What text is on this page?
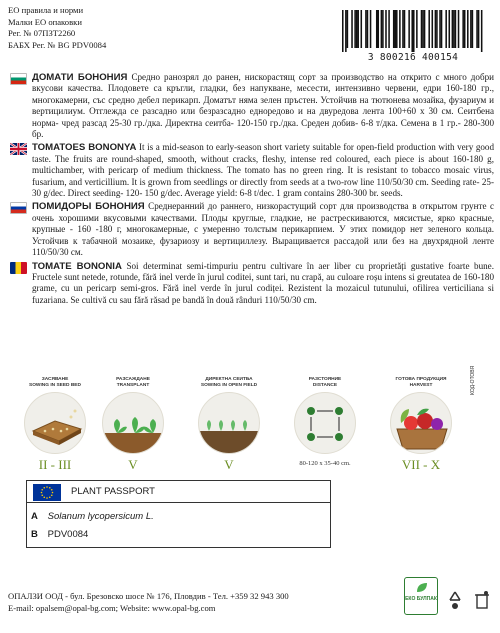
ЕО правила и норми
Малки ЕО опаковки
Рег. № 07ПЗТ2260
БАБХ Рег. № BG PDV0084
3 800216 400154
ДОМАТИ БОНОНИЯ Средно ранозрял до ранен, нискорастящ сорт за производство на открито с много добри вкусови качества. Плодовете са кръгли, гладки, без напукване, месести, интензивно червени, едри 160-180 гр., многокамерни, със средно дебел перикарп. Доматът няма зелен пръстен. Устойчив на тютюнева мозайка, фузариум и вертицилиум. Отглежда се разсадно или безразсадно еднoредово и на двуредова лента 100+60 x 30 см. Сеитбена норма- чред разсад 25-30 гр./дка. Директна сеитба- 120-150 гр./дка. Среден добив- 6-8 т/дка. Семена в 1 гр.- 280-300 бр.
TOMATOES BONONYA It is a mid-season to early-season short variety suitable for open-field production with very good taste. The fruits are round-shaped, smooth, without cracks, fleshy, intense red coloured, each piece is about 160-180 g, multichamber, with pericarp of medium thickness. The tomato has no green ring. It is resistant to tobacco mosaic virus, fusarium, and verticillium. It is grown from seedlings or directly from seeds at a two-row line 110/50/30 cm. Seeding rate- 25-30 g/dec. Direct seeding- 120- 150 g/dec. Average yield: 6-8 t/dec. 1 gram contains 280-300 br. seeds.
ПОМИДОРЫ БОНОНИЯ Среднеранний до раннего, низкорастущий сорт для производства в открытом грунте с очень хорошими вкусовыми качествами. Плоды круглые, гладкие, не растрескиваются, мясистые, ярко красные, крупные - 160 -180 г, многокамерные, с умеренно толстым перикарпием. У этих помидор нет зеленого кольца. Устойчив к табачной мозаике, фузариозу и вертициллезу. Выращивается рассадой или без на двухрядной ленте 110/50/30 см.
TOMATE BONONIA Soi determinat semi-timpuriu pentru cultivare în aer liber cu proprietăți gustative foarte bune. Fructele sunt netede, rotunde, fără inel verde în jurul coditei, sunt tari, nu crapă, au culoare roșu intens si greutatea de 160-180 grame, cu un pericarp semi-gros. Fără inel verde în jurul codiței. Rezistent la mozaicul tutunului, ofilirea verticiliana si fuzariana. Se cultivă cu sau fără răsad pe bandă în două rânduri 110/50/30 cm.
ЗАСЯВАНЕ
SOWING IN SEED BED
II - III
РАЗСАЖДАНЕ
TRANSPLANT
V
ДИРЕКТНА СЕИТБА
SOWING IN OPEN FIELD
V
РАЗСТОЯНИЕ
DISTANCE
80-120 x 35-40 cm.
ГОТОВА ПРОДУКЦИЯ
HARVEST
VII - X
КОД-ОТОВЯ
PLANT PASSPORT
A Solanum lycopersicum L.
B PDV0084
ОПАЛЗИ ООД - бул. Брезовско шосе № 176, Пловдив - Тел. +359 32 943 300
E-mail: opalsem@opal-bg.com; Website: www.opal-bg.com
ЕКО БУЛПАК
